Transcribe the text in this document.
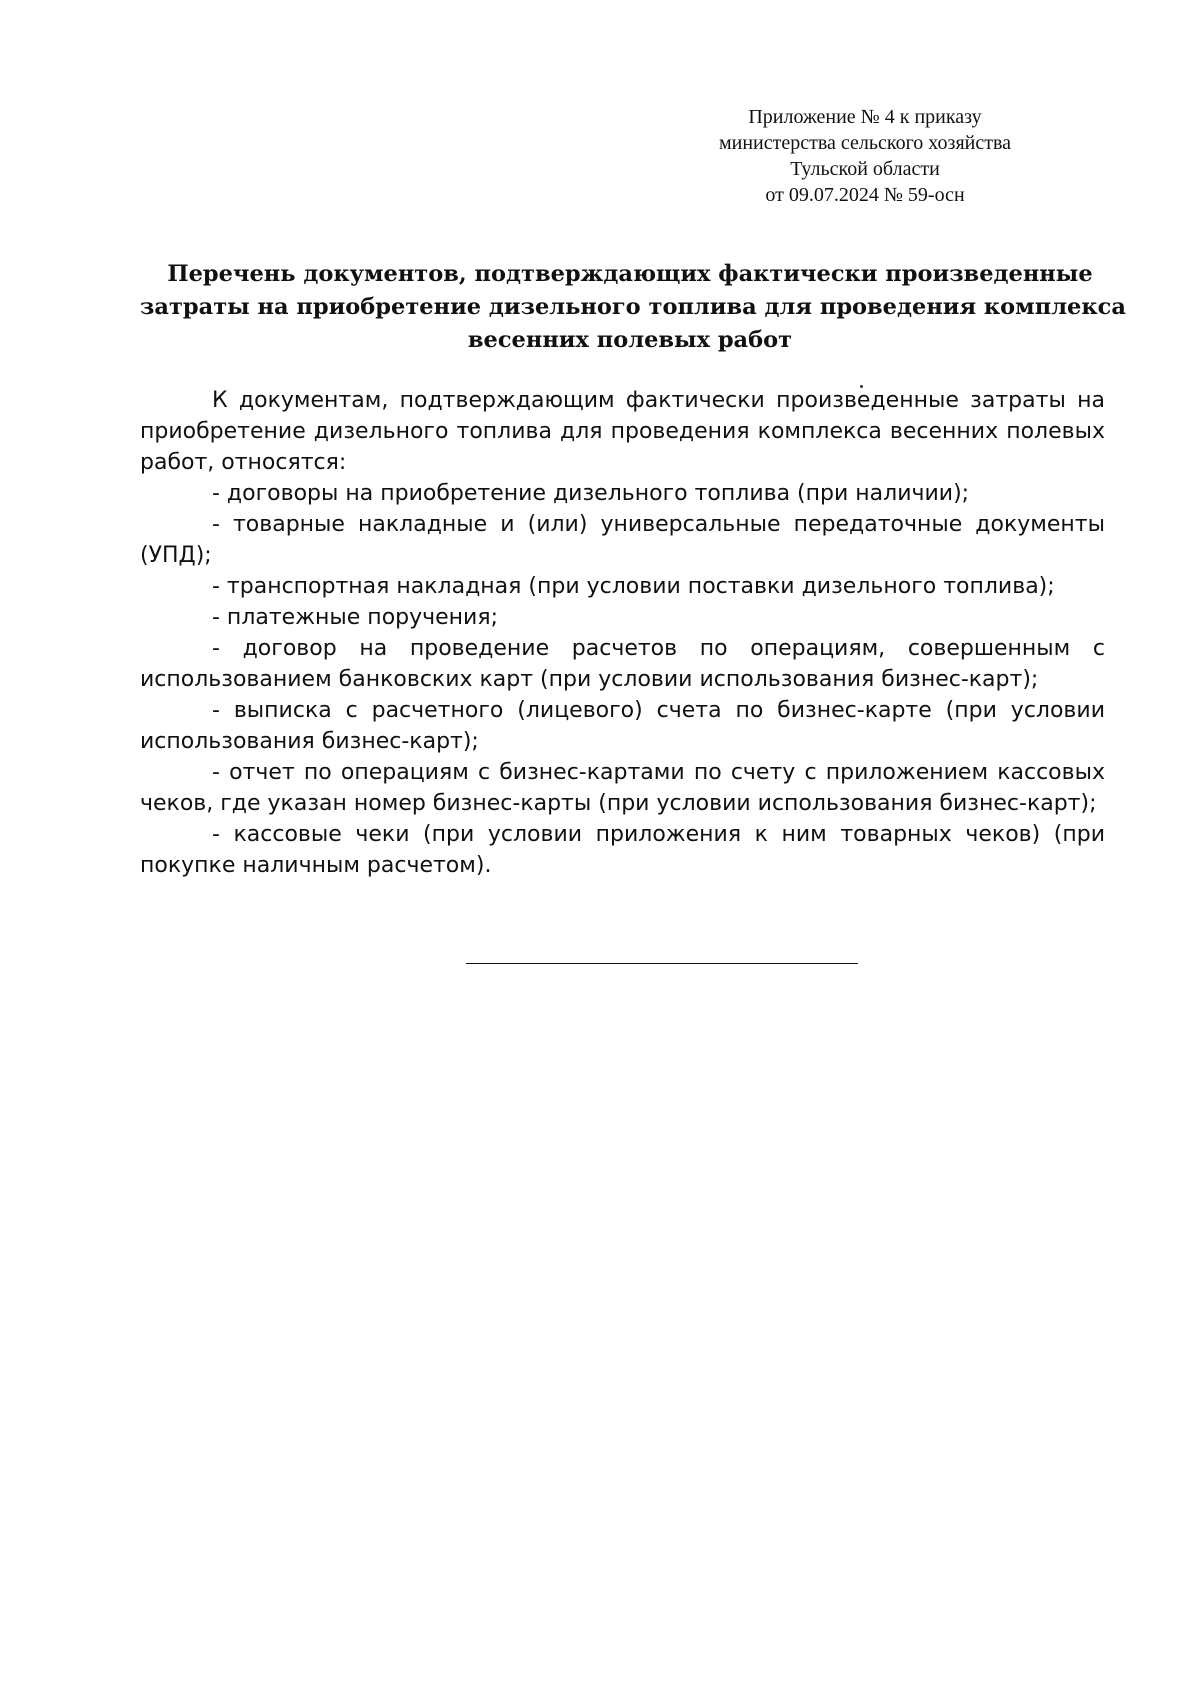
Приложение № 4 к приказу
министерства сельского хозяйства
Тульской области
от 09.07.2024 № 59-осн
Перечень документов, подтверждающих фактически произведенные
затраты на приобретение дизельного топлива для проведения комплекса
весенних полевых работ

К документам, подтверждающим фактически произведенные затраты на приобретение дизельного топлива для проведения комплекса весенних полевых работ, относятся:

- договоры на приобретение дизельного топлива (при наличии);

- товарные накладные и (или) универсальные передаточные документы (УПД);

- транспортная накладная (при условии поставки дизельного топлива);

- платежные поручения;

- договор на проведение расчетов по операциям, совершенным с использованием банковских карт (при условии использования бизнес-карт);

- выписка с расчетного (лицевого) счета по бизнес-карте (при условии использования бизнес-карт);

- отчет по операциям с бизнес-картами по счету с приложением кассовых чеков, где указан номер бизнес-карты (при условии использования бизнес-карт);

- кассовые чеки (при условии приложения к ним товарных чеков) (при покупке наличным расчетом).
